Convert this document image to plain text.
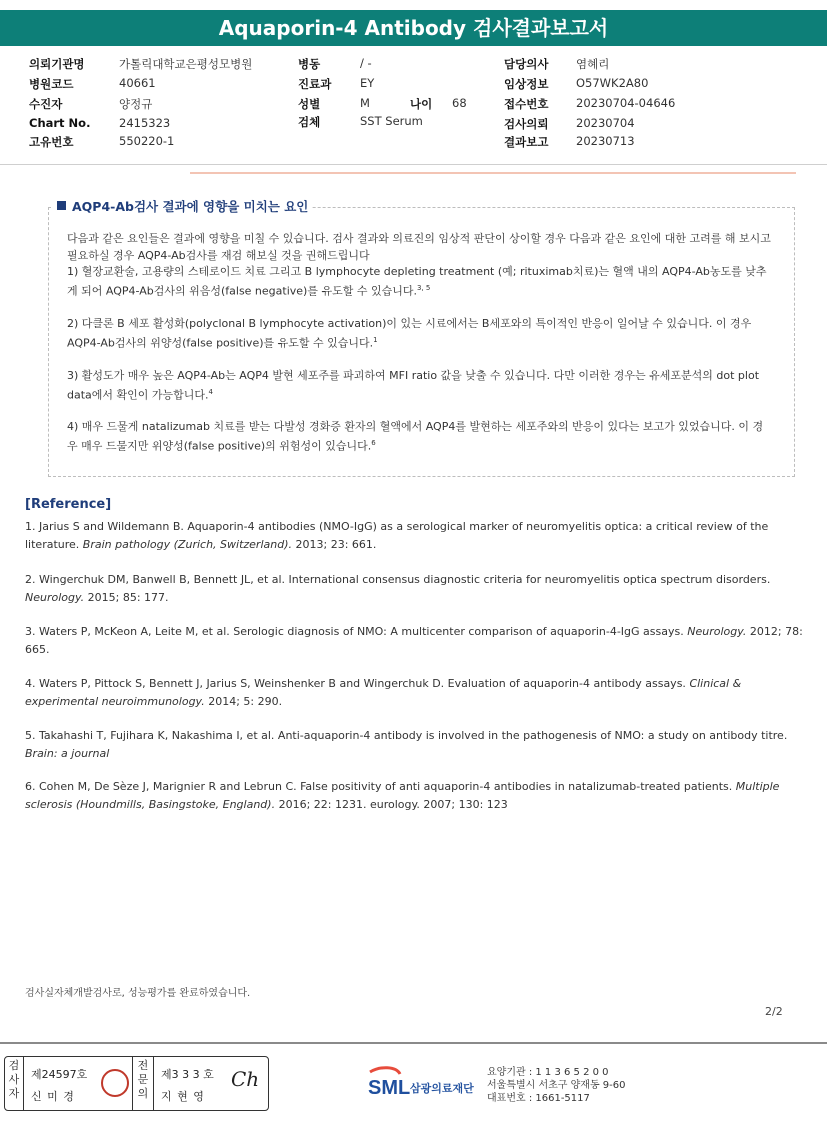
Aquaporin-4 Antibody 검사결과보고서
의뢰기관명	가톨릭대학교은평성모병원
병원코드	40661
수진자	양정규
Chart No. 2415323
고유번호	550220-1
병동	/ -
진료과 EY
성별	M	나이 68
검체	SST Serum
담당의사 염혜리
임상정보 O57WK2A80
접수번호 20230704-04646
검사의뢰 20230704
결과보고 20230713
AQP4-Ab검사 결과에 영향을 미치는 요인
다음과 같은 요인들은 결과에 영향을 미칠 수 있습니다. 검사 결과와 의료진의 임상적 판단이 상이할 경우 다음과 같은 요인에 대한 고려를 해 보시고 필요하실 경우 AQP4-Ab검사를 재검 해보실 것을 권해드립니다
1) 혈장교환술, 고용량의 스테로이드 치료 그리고 B lymphocyte depleting treatment (예; rituximab치료)는 혈액 내의 AQP4-Ab농도를 낮추게 되어 AQP4-Ab검사의 위음성(false negative)를 유도할 수 있습니다.$^{3, 5}$
2) 다클론 B 세포 활성화(polyclonal B lymphocyte activation)이 있는 시료에서는 B세포와의 특이적인 반응이 일어날 수 있습니다. 이 경우 AQP4-Ab검사의 위양성(false positive)를 유도할 수 있습니다.$^1$
3) 활성도가 매우 높은 AQP4-Ab는 AQP4 발현 세포주를 파괴하여 MFI ratio 값을 낮출 수 있습니다. 다만 이러한 경우는 유세포분석의 dot plot data에서 확인이 가능합니다.$^4$
4) 매우 드물게 natalizumab 치료를 받는 다발성 경화증 환자의 혈액에서 AQP4를 발현하는 세포주와의 반응이 있다는 보고가 있었습니다. 이 경우 매우 드물지만 위양성(false positive)의 위험성이 있습니다.$^6$
[Reference]
1. Jarius S and Wildemann B. Aquaporin-4 antibodies (NMO-IgG) as a serological marker of neuromyelitis optica: a critical review of the literature. Brain pathology (Zurich, Switzerland). 2013; 23: 661.
2. Wingerchuk DM, Banwell B, Bennett JL, et al. International consensus diagnostic criteria for neuromyelitis optica spectrum disorders. Neurology. 2015; 85: 177.
3. Waters P, McKeon A, Leite M, et al. Serologic diagnosis of NMO: A multicenter comparison of aquaporin-4-IgG assays. Neurology. 2012; 78: 665.
4. Waters P, Pittock S, Bennett J, Jarius S, Weinshenker B and Wingerchuk D. Evaluation of aquaporin-4 antibody assays. Clinical & experimental neuroimmunology. 2014; 5: 290.
5. Takahashi T, Fujihara K, Nakashima I, et al. Anti-aquaporin-4 antibody is involved in the pathogenesis of NMO: a study on antibody titre. Brain: a journal
6. Cohen M, De Sèze J, Marignier R and Lebrun C. False positivity of anti aquaporin-4 antibodies in natalizumab-treated patients. Multiple sclerosis (Houndmills, Basingstoke, England). 2016; 22: 1231. eurology. 2007; 130: 123
검사실자체개발검사로, 성능평가를 완료하였습니다.
2/2
검사자
제24597호
신 미 경
전문의
제3 3 3 호
지 현 영
Ch	SML 삼광의료재단
요양기관 : 1 1 3 6 5 2 0 0
서울특별시 서초구 양재동 9-60
대표번호 : 1661-5117
